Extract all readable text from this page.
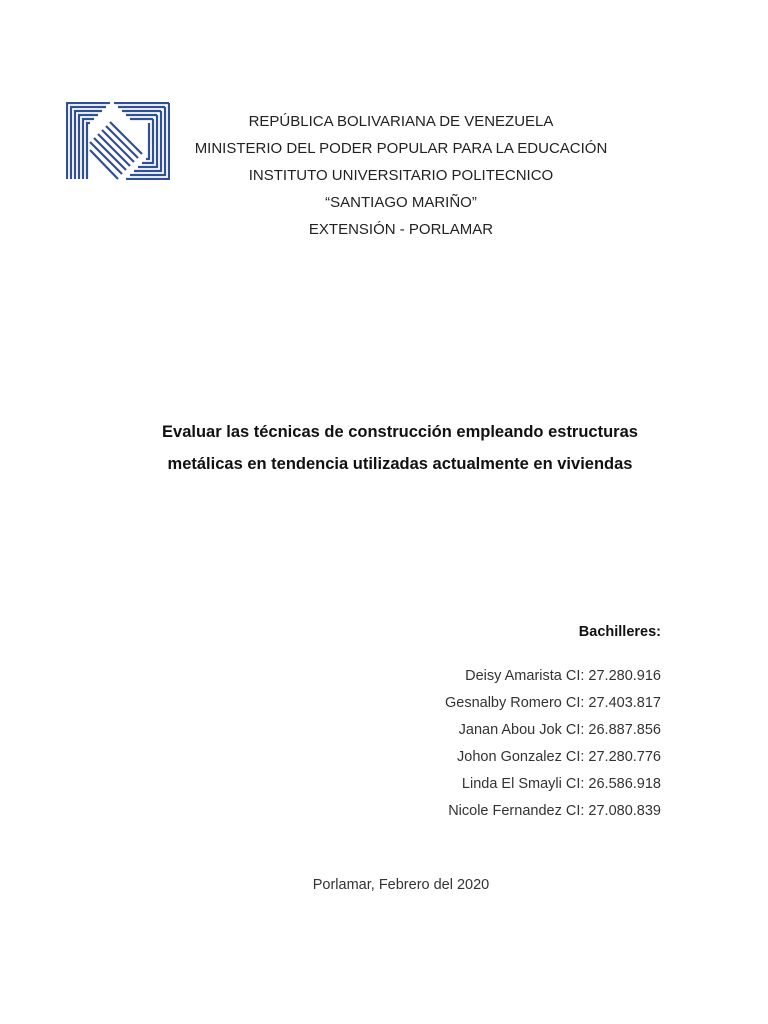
REPÚBLICA BOLIVARIANA DE VENEZUELA
MINISTERIO DEL PODER POPULAR PARA LA EDUCACIÓN
INSTITUTO UNIVERSITARIO POLITECNICO
“SANTIAGO MARIÑO”
EXTENSIÓN - PORLAMAR
Evaluar las técnicas de construcción empleando estructuras
metálicas en tendencia utilizadas actualmente en viviendas
Bachilleres:
Deisy Amarista CI: 27.280.916
Gesnalby Romero CI: 27.403.817
Janan Abou Jok CI: 26.887.856
Johon Gonzalez CI: 27.280.776
Linda El Smayli CI: 26.586.918
Nicole Fernandez CI: 27.080.839
Porlamar, Febrero del 2020
